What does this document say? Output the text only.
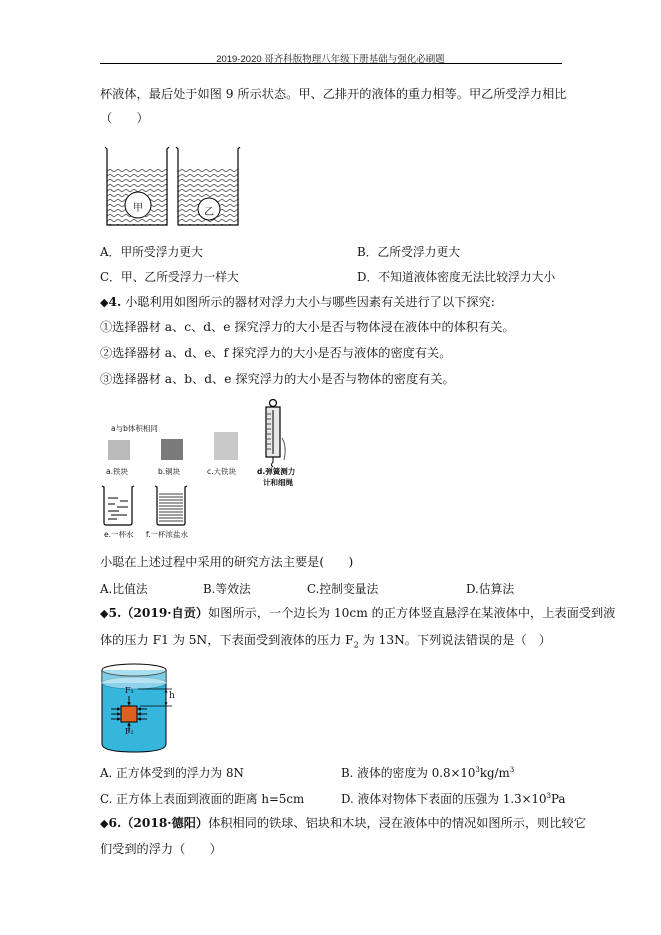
2019-2020 哥齐科版物理八年级下册基础与强化必刷题
杯液体，最后处于如图 9 所示状态。甲、乙排开的液体的重力相等。甲乙所受浮力相比
（　　）
甲	乙
A．甲所受浮力更大	B．乙所受浮力更大
C．甲、乙所受浮力一样大	D．不知道液体密度无法比较浮力大小
◆4. 小聪利用如图所示的器材对浮力大小与哪些因素有关进行了以下探究:
①选择器材 a、c、d、e 探究浮力的大小是否与物体浸在液体中的体积有关。
②选择器材 a、d、e、f 探究浮力的大小是否与液体的密度有关。
③选择器材 a、b、d、e 探究浮力的大小是否与物体的密度有关。
a与b体积相同
a.铁块	b.铜块	c.大铁块	d.弹簧测力
计和细绳
e.一杯水 f.一杯浓盐水
小聪在上述过程中采用的研究方法主要是(　　)
A.比值法	B.等效法	C.控制变量法	D.估算法
◆5.（2019·自贡）如图所示，一个边长为 10cm 的正方体竖直悬浮在某液体中，上表面受到液
体的压力 F1 为 5N，下表面受到液体的压力 $F_2$ 为 13N。下列说法错误的是（　）
F₁
F₂
h
A. 正方体受到的浮力为 8N	B. 液体的密度为 $0.8\times 10^3kg/m^3$
C. 正方体上表面到液面的距离 h=5cm	D. 液体对物体下表面的压强为 $1.3\times 10^3Pa$
◆6.（2018·德阳）体积相同的铁球、铝块和木块，浸在液体中的情况如图所示，则比较它
们受到的浮力（　　）
